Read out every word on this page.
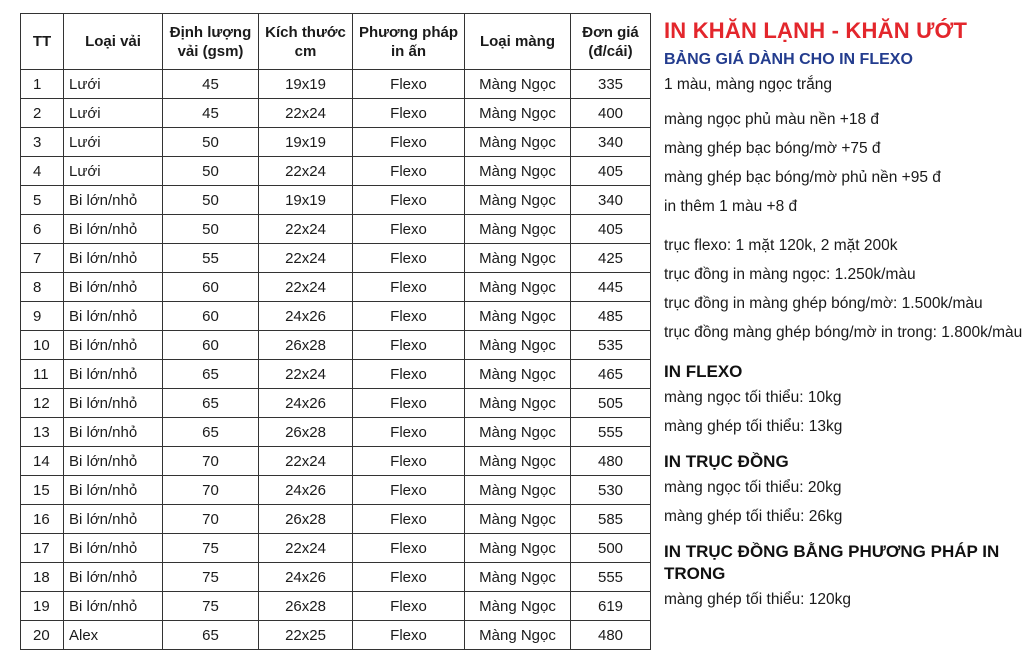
TT	Loại vải	Định lượng vải (gsm)	Kích thước cm	Phương pháp in ấn	Loại màng	Đơn giá (đ/cái)
1	Lưới	45	19x19	Flexo	Màng Ngọc	335
2	Lưới	45	22x24	Flexo	Màng Ngọc	400
3	Lưới	50	19x19	Flexo	Màng Ngọc	340
4	Lưới	50	22x24	Flexo	Màng Ngọc	405
5	Bi lớn/nhỏ	50	19x19	Flexo	Màng Ngọc	340
6	Bi lớn/nhỏ	50	22x24	Flexo	Màng Ngọc	405
7	Bi lớn/nhỏ	55	22x24	Flexo	Màng Ngọc	425
8	Bi lớn/nhỏ	60	22x24	Flexo	Màng Ngọc	445
9	Bi lớn/nhỏ	60	24x26	Flexo	Màng Ngọc	485
10	Bi lớn/nhỏ	60	26x28	Flexo	Màng Ngọc	535
11	Bi lớn/nhỏ	65	22x24	Flexo	Màng Ngọc	465
12	Bi lớn/nhỏ	65	24x26	Flexo	Màng Ngọc	505
13	Bi lớn/nhỏ	65	26x28	Flexo	Màng Ngọc	555
14	Bi lớn/nhỏ	70	22x24	Flexo	Màng Ngọc	480
15	Bi lớn/nhỏ	70	24x26	Flexo	Màng Ngọc	530
16	Bi lớn/nhỏ	70	26x28	Flexo	Màng Ngọc	585
17	Bi lớn/nhỏ	75	22x24	Flexo	Màng Ngọc	500
18	Bi lớn/nhỏ	75	24x26	Flexo	Màng Ngọc	555
19	Bi lớn/nhỏ	75	26x28	Flexo	Màng Ngọc	619
20	Alex	65	22x25	Flexo	Màng Ngọc	480
IN KHĂN LẠNH - KHĂN ƯỚT
BẢNG GIÁ DÀNH CHO IN FLEXO
1 màu, màng ngọc trắng
màng ngọc phủ màu nền +18 đ
màng ghép bạc bóng/mờ +75 đ
màng ghép bạc bóng/mờ phủ nền +95 đ
in thêm 1 màu +8 đ
trục flexo: 1 mặt 120k, 2 mặt 200k
trục đồng in màng ngọc: 1.250k/màu
trục đồng in màng ghép bóng/mờ: 1.500k/màu
trục đồng màng ghép bóng/mờ in trong: 1.800k/màu
IN FLEXO
màng ngọc tối thiểu: 10kg
màng ghép tối thiểu: 13kg
IN TRỤC ĐỒNG
màng ngọc tối thiểu: 20kg
màng ghép tối thiểu: 26kg
IN TRỤC ĐỒNG BẰNG PHƯƠNG PHÁP IN TRONG
màng ghép tối thiểu: 120kg
